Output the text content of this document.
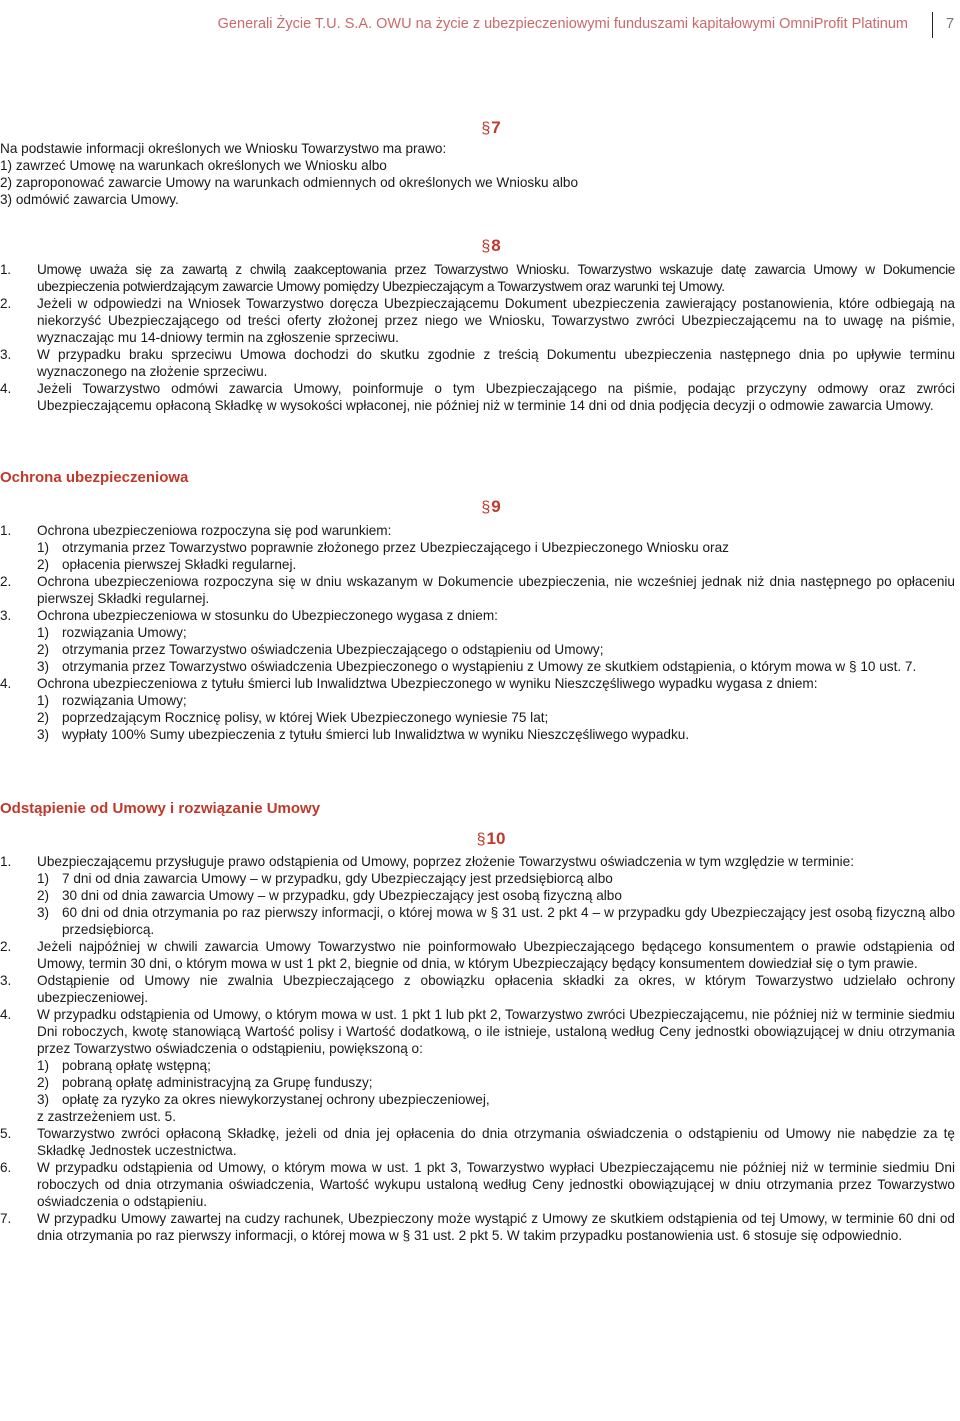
Generali Życie T.U. S.A. OWU na życie z ubezpieczeniowymi funduszami kapitałowymi OmniProfit Platinum	7
§7
Na podstawie informacji określonych we Wniosku Towarzystwo ma prawo:
1) zawrzeć Umowę na warunkach określonych we Wniosku albo
2) zaproponować zawarcie Umowy na warunkach odmiennych od określonych we Wniosku albo
3) odmówić zawarcia Umowy.
§8
1. Umowę uważa się za zawartą z chwilą zaakceptowania przez Towarzystwo Wniosku. Towarzystwo wskazuje datę zawarcia Umowy w Dokumencie ubezpieczenia potwierdzającym zawarcie Umowy pomiędzy Ubezpieczającym a Towarzystwem oraz warunki tej Umowy.
2. Jeżeli w odpowiedzi na Wniosek Towarzystwo doręcza Ubezpieczającemu Dokument ubezpieczenia zawierający postanowienia, które odbiegają na niekorzyść Ubezpieczającego od treści oferty złożonej przez niego we Wniosku, Towarzystwo zwróci Ubezpieczającemu na to uwagę na piśmie, wyznaczając mu 14-dniowy termin na zgłoszenie sprzeciwu.
3. W przypadku braku sprzeciwu Umowa dochodzi do skutku zgodnie z treścią Dokumentu ubezpieczenia następnego dnia po upływie terminu wyznaczonego na złożenie sprzeciwu.
4. Jeżeli Towarzystwo odmówi zawarcia Umowy, poinformuje o tym Ubezpieczającego na piśmie, podając przyczyny odmowy oraz zwróci Ubezpieczającemu opłaconą Składkę w wysokości wpłaconej, nie później niż w terminie 14 dni od dnia podjęcia decyzji o odmowie zawarcia Umowy.
Ochrona ubezpieczeniowa
§9
1. Ochrona ubezpieczeniowa rozpoczyna się pod warunkiem:
1) otrzymania przez Towarzystwo poprawnie złożonego przez Ubezpieczającego i Ubezpieczonego Wniosku oraz
2) opłacenia pierwszej Składki regularnej.
2. Ochrona ubezpieczeniowa rozpoczyna się w dniu wskazanym w Dokumencie ubezpieczenia, nie wcześniej jednak niż dnia następnego po opłaceniu pierwszej Składki regularnej.
3. Ochrona ubezpieczeniowa w stosunku do Ubezpieczonego wygasa z dniem:
1) rozwiązania Umowy;
2) otrzymania przez Towarzystwo oświadczenia Ubezpieczającego o odstąpieniu od Umowy;
3) otrzymania przez Towarzystwo oświadczenia Ubezpieczonego o wystąpieniu z Umowy ze skutkiem odstąpienia, o którym mowa w § 10 ust. 7.
4. Ochrona ubezpieczeniowa z tytułu śmierci lub Inwalidztwa Ubezpieczonego w wyniku Nieszczęśliwego wypadku wygasa z dniem:
1) rozwiązania Umowy;
2) poprzedzającym Rocznicę polisy, w której Wiek Ubezpieczonego wyniesie 75 lat;
3) wypłaty 100% Sumy ubezpieczenia z tytułu śmierci lub Inwalidztwa w wyniku Nieszczęśliwego wypadku.
Odstąpienie od Umowy i rozwiązanie Umowy
§10
1. Ubezpieczającemu przysługuje prawo odstąpienia od Umowy, poprzez złożenie Towarzystwu oświadczenia w tym względzie w terminie:
1) 7 dni od dnia zawarcia Umowy – w przypadku, gdy Ubezpieczający jest przedsiębiorcą albo
2) 30 dni od dnia zawarcia Umowy – w przypadku, gdy Ubezpieczający jest osobą fizyczną albo
3) 60 dni od dnia otrzymania po raz pierwszy informacji, o której mowa w § 31 ust. 2 pkt 4 – w przypadku gdy Ubezpieczający jest osobą fizyczną albo przedsiębiorcą.
2. Jeżeli najpóźniej w chwili zawarcia Umowy Towarzystwo nie poinformowało Ubezpieczającego będącego konsumentem o prawie odstąpienia od Umowy, termin 30 dni, o którym mowa w ust 1 pkt 2, biegnie od dnia, w którym Ubezpieczający będący konsumentem dowiedział się o tym prawie.
3. Odstąpienie od Umowy nie zwalnia Ubezpieczającego z obowiązku opłacenia składki za okres, w którym Towarzystwo udzielało ochrony ubezpieczeniowej.
4. W przypadku odstąpienia od Umowy, o którym mowa w ust. 1 pkt 1 lub pkt 2, Towarzystwo zwróci Ubezpieczającemu, nie później niż w terminie siedmiu Dni roboczych, kwotę stanowiącą Wartość polisy i Wartość dodatkową, o ile istnieje, ustaloną według Ceny jednostki obowiązującej w dniu otrzymania przez Towarzystwo oświadczenia o odstąpieniu, powiększoną o:
1) pobraną opłatę wstępną;
2) pobraną opłatę administracyjną za Grupę funduszy;
3) opłatę za ryzyko za okres niewykorzystanej ochrony ubezpieczeniowej,
z zastrzeżeniem ust. 5.
5. Towarzystwo zwróci opłaconą Składkę, jeżeli od dnia jej opłacenia do dnia otrzymania oświadczenia o odstąpieniu od Umowy nie nabędzie za tę Składkę Jednostek uczestnictwa.
6. W przypadku odstąpienia od Umowy, o którym mowa w ust. 1 pkt 3, Towarzystwo wypłaci Ubezpieczającemu nie później niż w terminie siedmiu Dni roboczych od dnia otrzymania oświadczenia, Wartość wykupu ustaloną według Ceny jednostki obowiązującej w dniu otrzymania przez Towarzystwo oświadczenia o odstąpieniu.
7. W przypadku Umowy zawartej na cudzy rachunek, Ubezpieczony może wystąpić z Umowy ze skutkiem odstąpienia od tej Umowy, w terminie 60 dni od dnia otrzymania po raz pierwszy informacji, o której mowa w § 31 ust. 2 pkt 5. W takim przypadku postanowienia ust. 6 stosuje się odpowiednio.
